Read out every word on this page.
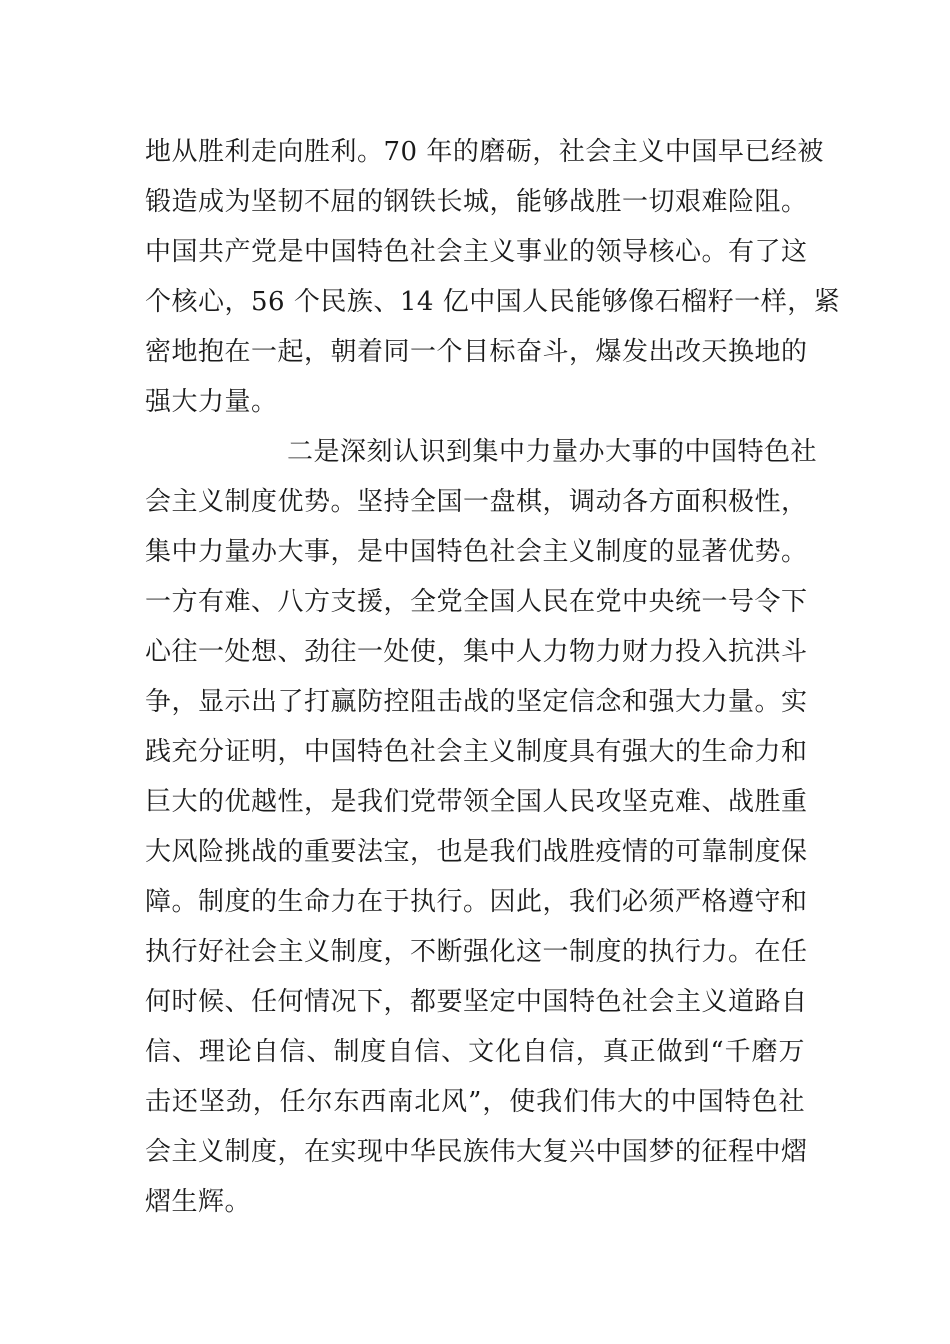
地从胜利走向胜利。70 年的磨砺，社会主义中国早已经被
锻造成为坚韧不屈的钢铁长城，能够战胜一切艰难险阻。
中国共产党是中国特色社会主义事业的领导核心。有了这
个核心，56 个民族、14 亿中国人民能够像石榴籽一样，紧
密地抱在一起，朝着同一个目标奋斗，爆发出改天换地的
强大力量。
二是深刻认识到集中力量办大事的中国特色社
会主义制度优势。坚持全国一盘棋，调动各方面积极性，
集中力量办大事，是中国特色社会主义制度的显著优势。
一方有难、八方支援，全党全国人民在党中央统一号令下
心往一处想、劲往一处使，集中人力物力财力投入抗洪斗
争，显示出了打赢防控阻击战的坚定信念和强大力量。实
践充分证明，中国特色社会主义制度具有强大的生命力和
巨大的优越性，是我们党带领全国人民攻坚克难、战胜重
大风险挑战的重要法宝，也是我们战胜疫情的可靠制度保
障。制度的生命力在于执行。因此，我们必须严格遵守和
执行好社会主义制度，不断强化这一制度的执行力。在任
何时候、任何情况下，都要坚定中国特色社会主义道路自
信、理论自信、制度自信、文化自信，真正做到“千磨万
击还坚劲，任尔东西南北风”，使我们伟大的中国特色社
会主义制度，在实现中华民族伟大复兴中国梦的征程中熠
熠生辉。
